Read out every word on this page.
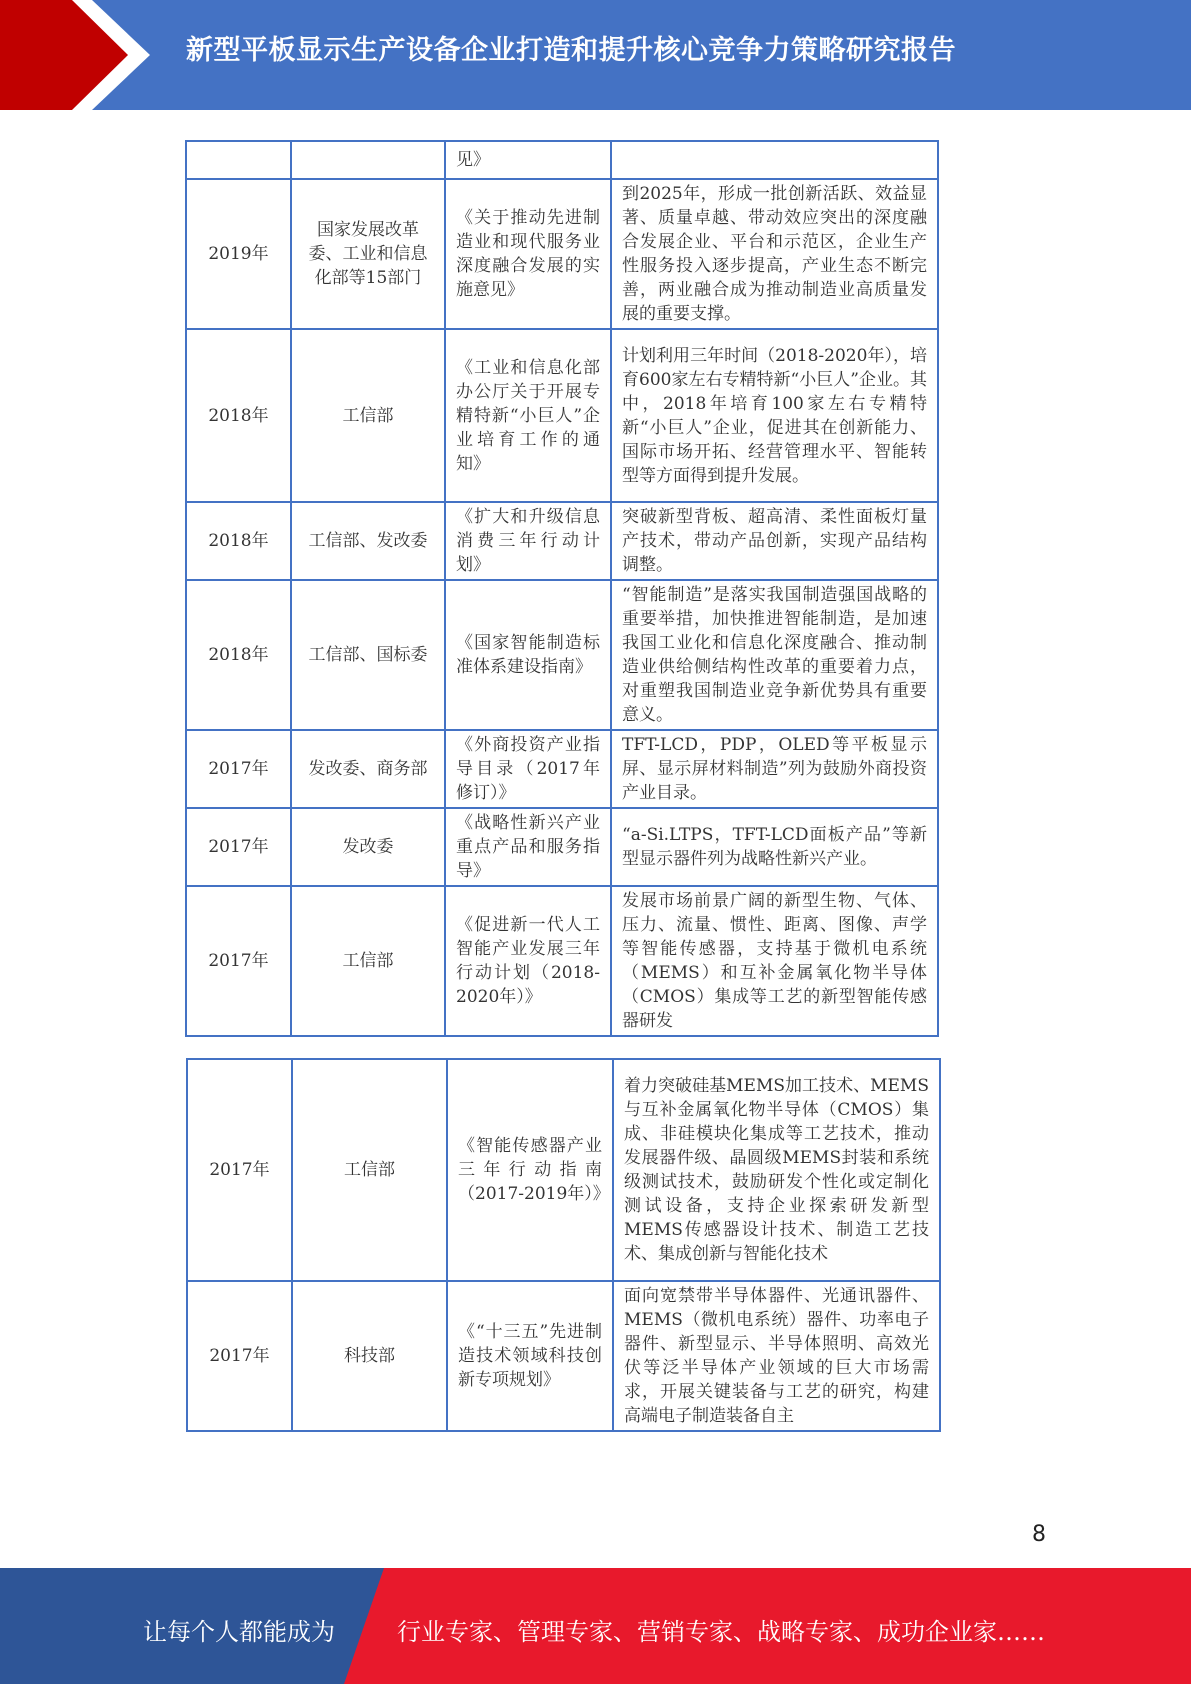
新型平板显示生产设备企业打造和提升核心竞争力策略研究报告
		见》	
2019年	国家发展改革委、工业和信息化部等15部门	《关于推动先进制造业和现代服务业深度融合发展的实施意见》	到2025年，形成一批创新活跃、效益显著、质量卓越、带动效应突出的深度融合发展企业、平台和示范区，企业生产性服务投入逐步提高，产业生态不断完善，两业融合成为推动制造业高质量发展的重要支撑。
2018年	工信部	《工业和信息化部办公厅关于开展专精特新“小巨人”企业培育工作的通知》	计划利用三年时间（2018-2020年），培育600家左右专精特新“小巨人”企业。其中，2018年培育100家左右专精特新“小巨人”企业，促进其在创新能力、国际市场开拓、经营管理水平、智能转型等方面得到提升发展。
2018年	工信部、发改委	《扩大和升级信息消费三年行动计划》	突破新型背板、超高清、柔性面板灯量产技术，带动产品创新，实现产品结构调整。
2018年	工信部、国标委	《国家智能制造标准体系建设指南》	“智能制造”是落实我国制造强国战略的重要举措，加快推进智能制造，是加速我国工业化和信息化深度融合、推动制造业供给侧结构性改革的重要着力点，对重塑我国制造业竞争新优势具有重要意义。
2017年	发改委、商务部	《外商投资产业指导目录（2017年修订）》	TFT-LCD，PDP，OLED等平板显示屏、显示屏材料制造”列为鼓励外商投资产业目录。
2017年	发改委	《战略性新兴产业重点产品和服务指导》	“a-Si.LTPS，TFT-LCD面板产品”等新型显示器件列为战略性新兴产业。
2017年	工信部	《促进新一代人工智能产业发展三年行动计划（2018-2020年）》	发展市场前景广阔的新型生物、气体、压力、流量、惯性、距离、图像、声学等智能传感器，支持基于微机电系统（MEMS）和互补金属氧化物半导体（CMOS）集成等工艺的新型智能传感器研发
2017年	工信部	《智能传感器产业三年行动指南（2017-2019年）》	着力突破硅基MEMS加工技术、MEMS与互补金属氧化物半导体（CMOS）集成、非硅模块化集成等工艺技术，推动发展器件级、晶圆级MEMS封装和系统级测试技术，鼓励研发个性化或定制化测试设备，支持企业探索研发新型MEMS传感器设计技术、制造工艺技术、集成创新与智能化技术
2017年	科技部	《“十三五”先进制造技术领域科技创新专项规划》	面向宽禁带半导体器件、光通讯器件、MEMS（微机电系统）器件、功率电子器件、新型显示、半导体照明、高效光伏等泛半导体产业领域的巨大市场需求，开展关键装备与工艺的研究，构建高端电子制造装备自主
8
让每个人都能成为	行业专家、管理专家、营销专家、战略专家、成功企业家……
